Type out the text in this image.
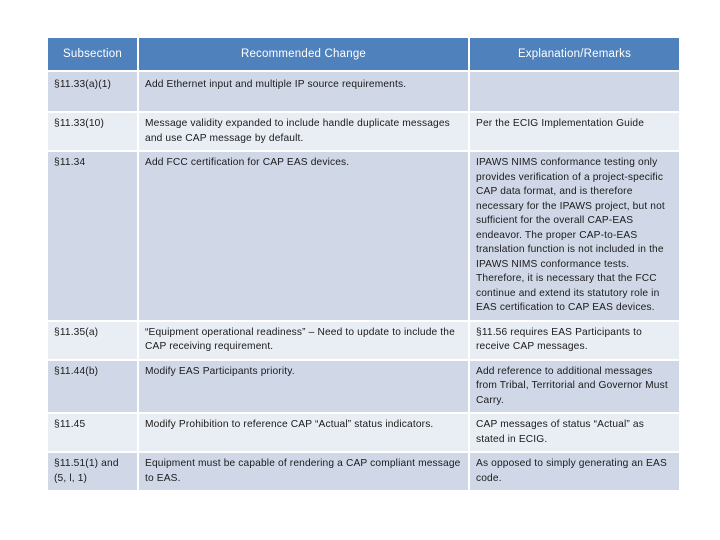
Subsection	Recommended Change	Explanation/Remarks
§11.33(a)(1)	Add Ethernet input and multiple IP source requirements.	
§11.33(10)	Message validity expanded to include handle duplicate messages and use CAP message by default.	Per the ECIG Implementation Guide
§11.34	Add FCC certification for CAP EAS devices.	IPAWS NIMS conformance testing only provides verification of a project-specific CAP data format, and is therefore necessary for the IPAWS project, but not sufficient for the overall CAP-EAS endeavor. The proper CAP-to-EAS translation function is not included in the IPAWS NIMS conformance tests. Therefore, it is necessary that the FCC continue and extend its statutory role in EAS certification to CAP EAS devices.
§11.35(a)	“Equipment operational readiness” – Need to update to include the CAP receiving requirement.	§11.56 requires EAS Participants to receive CAP messages.
§11.44(b)	Modify EAS Participants priority.	Add reference to additional messages from Tribal, Territorial and Governor Must Carry.
§11.45	Modify Prohibition to reference CAP “Actual” status indicators.	CAP messages of status “Actual” as stated in ECIG.
§11.51(1) and (5, l, 1)	Equipment must be capable of rendering a CAP compliant message to EAS.	As opposed to simply generating an EAS code.
